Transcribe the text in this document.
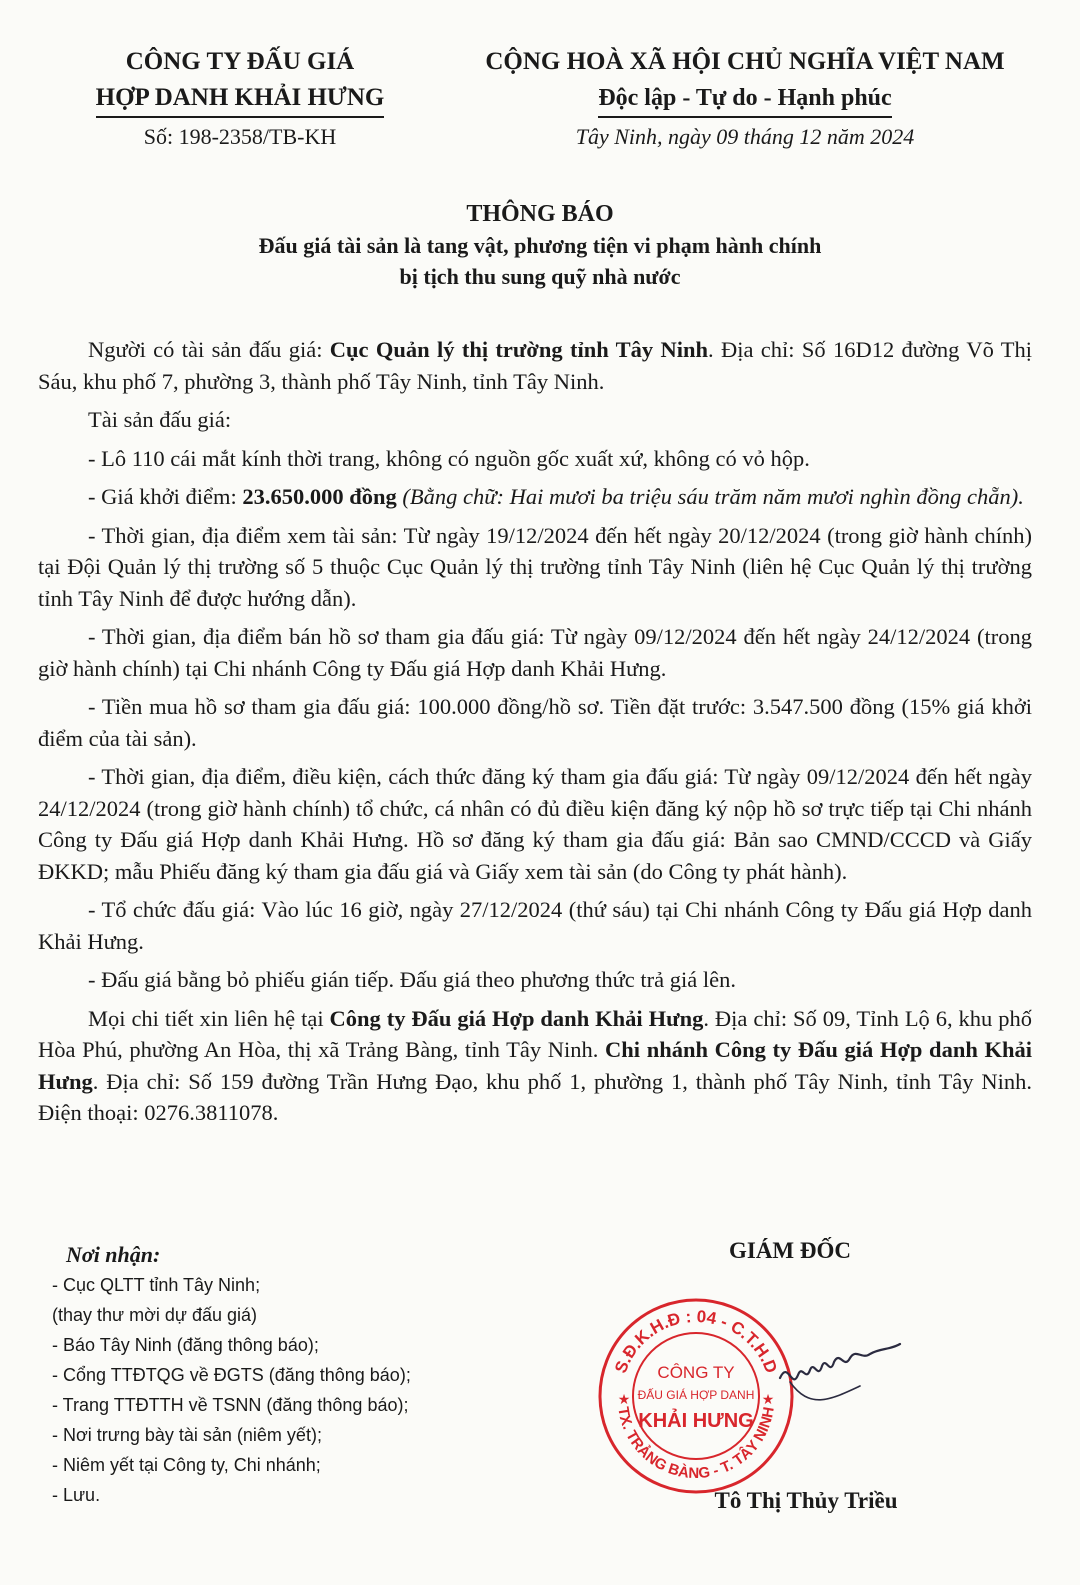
CÔNG TY ĐẤU GIÁ
HỢP DANH KHẢI HƯNG
CỘNG HOÀ XÃ HỘI CHỦ NGHĨA VIỆT NAM
Độc lập - Tự do - Hạnh phúc
Số: 198-2358/TB-KH	Tây Ninh, ngày 09 tháng 12 năm 2024
THÔNG BÁO
Đấu giá tài sản là tang vật, phương tiện vi phạm hành chính
bị tịch thu sung quỹ nhà nước

Người có tài sản đấu giá: Cục Quản lý thị trường tỉnh Tây Ninh. Địa chỉ: Số 16D12 đường Võ Thị Sáu, khu phố 7, phường 3, thành phố Tây Ninh, tỉnh Tây Ninh.

Tài sản đấu giá:

- Lô 110 cái mắt kính thời trang, không có nguồn gốc xuất xứ, không có vỏ hộp.

- Giá khởi điểm: 23.650.000 đồng (Bằng chữ: Hai mươi ba triệu sáu trăm năm mươi nghìn đồng chẵn).

- Thời gian, địa điểm xem tài sản: Từ ngày 19/12/2024 đến hết ngày 20/12/2024 (trong giờ hành chính) tại Đội Quản lý thị trường số 5 thuộc Cục Quản lý thị trường tỉnh Tây Ninh (liên hệ Cục Quản lý thị trường tỉnh Tây Ninh để được hướng dẫn).

- Thời gian, địa điểm bán hồ sơ tham gia đấu giá: Từ ngày 09/12/2024 đến hết ngày 24/12/2024 (trong giờ hành chính) tại Chi nhánh Công ty Đấu giá Hợp danh Khải Hưng.

- Tiền mua hồ sơ tham gia đấu giá: 100.000 đồng/hồ sơ. Tiền đặt trước: 3.547.500 đồng (15% giá khởi điểm của tài sản).

- Thời gian, địa điểm, điều kiện, cách thức đăng ký tham gia đấu giá: Từ ngày 09/12/2024 đến hết ngày 24/12/2024 (trong giờ hành chính) tổ chức, cá nhân có đủ điều kiện đăng ký nộp hồ sơ trực tiếp tại Chi nhánh Công ty Đấu giá Hợp danh Khải Hưng. Hồ sơ đăng ký tham gia đấu giá: Bản sao CMND/CCCD và Giấy ĐKKD; mẫu Phiếu đăng ký tham gia đấu giá và Giấy xem tài sản (do Công ty phát hành).

- Tổ chức đấu giá: Vào lúc 16 giờ, ngày 27/12/2024 (thứ sáu) tại Chi nhánh Công ty Đấu giá Hợp danh Khải Hưng.

- Đấu giá bằng bỏ phiếu gián tiếp. Đấu giá theo phương thức trả giá lên.

Mọi chi tiết xin liên hệ tại Công ty Đấu giá Hợp danh Khải Hưng. Địa chỉ: Số 09, Tỉnh Lộ 6, khu phố Hòa Phú, phường An Hòa, thị xã Trảng Bàng, tỉnh Tây Ninh. Chi nhánh Công ty Đấu giá Hợp danh Khải Hưng. Địa chỉ: Số 159 đường Trần Hưng Đạo, khu phố 1, phường 1, thành phố Tây Ninh, tỉnh Tây Ninh. Điện thoại: 0276.3811078.

Nơi nhận:
- Cục QLTT tỉnh Tây Ninh;
(thay thư mời dự đấu giá)
- Báo Tây Ninh (đăng thông báo);
- Cổng TTĐTQG về ĐGTS (đăng thông báo);
- Trang TTĐTTH về TSNN (đăng thông báo);
- Nơi trưng bày tài sản (niêm yết);
- Niêm yết tại Công ty, Chi nhánh;
- Lưu.
GIÁM ĐỐC
S.Đ.K.H.Đ : 04 - C.T.H.D
TX. TRẢNG BÀNG - T. TÂY NINH
CÔNG TY
ĐẤU GIÁ HỢP DANH
KHẢI HƯNG
★	★
Tô Thị Thủy Triều
